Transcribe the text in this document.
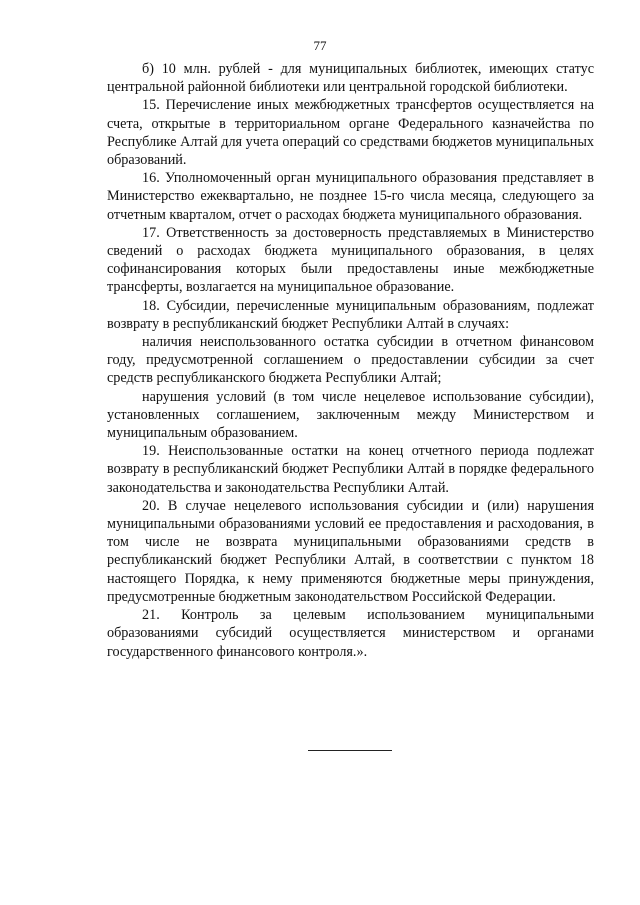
77

б) 10 млн. рублей - для муниципальных библиотек, имеющих статус центральной районной библиотеки или центральной городской библиотеки.

15. Перечисление иных межбюджетных трансфертов осуществляется на счета, открытые в территориальном органе Федерального казначейства по Республике Алтай для учета операций со средствами бюджетов муниципальных образований.

16. Уполномоченный орган муниципального образования представляет в Министерство ежеквартально, не позднее 15-го числа месяца, следующего за отчетным кварталом, отчет о расходах бюджета муниципального образования.

17. Ответственность за достоверность представляемых в Министерство сведений о расходах бюджета муниципального образования, в целях софинансирования которых были предоставлены иные межбюджетные трансферты, возлагается на муниципальное образование.

18. Субсидии, перечисленные муниципальным образованиям, подлежат возврату в республиканский бюджет Республики Алтай в случаях:

наличия неиспользованного остатка субсидии в отчетном финансовом году, предусмотренной соглашением о предоставлении субсидии за счет средств республиканского бюджета Республики Алтай;

нарушения условий (в том числе нецелевое использование субсидии), установленных соглашением, заключенным между Министерством и муниципальным образованием.

19. Неиспользованные остатки на конец отчетного периода подлежат возврату в республиканский бюджет Республики Алтай в порядке федерального законодательства и законодательства Республики Алтай.

20. В случае нецелевого использования субсидии и (или) нарушения муниципальными образованиями условий ее предоставления и расходования, в том числе не возврата муниципальными образованиями средств в республиканский бюджет Республики Алтай, в соответствии с пунктом 18 настоящего Порядка, к нему применяются бюджетные меры принуждения, предусмотренные бюджетным законодательством Российской Федерации.

21. Контроль за целевым использованием муниципальными образованиями субсидий осуществляется министерством и органами государственного финансового контроля.».
